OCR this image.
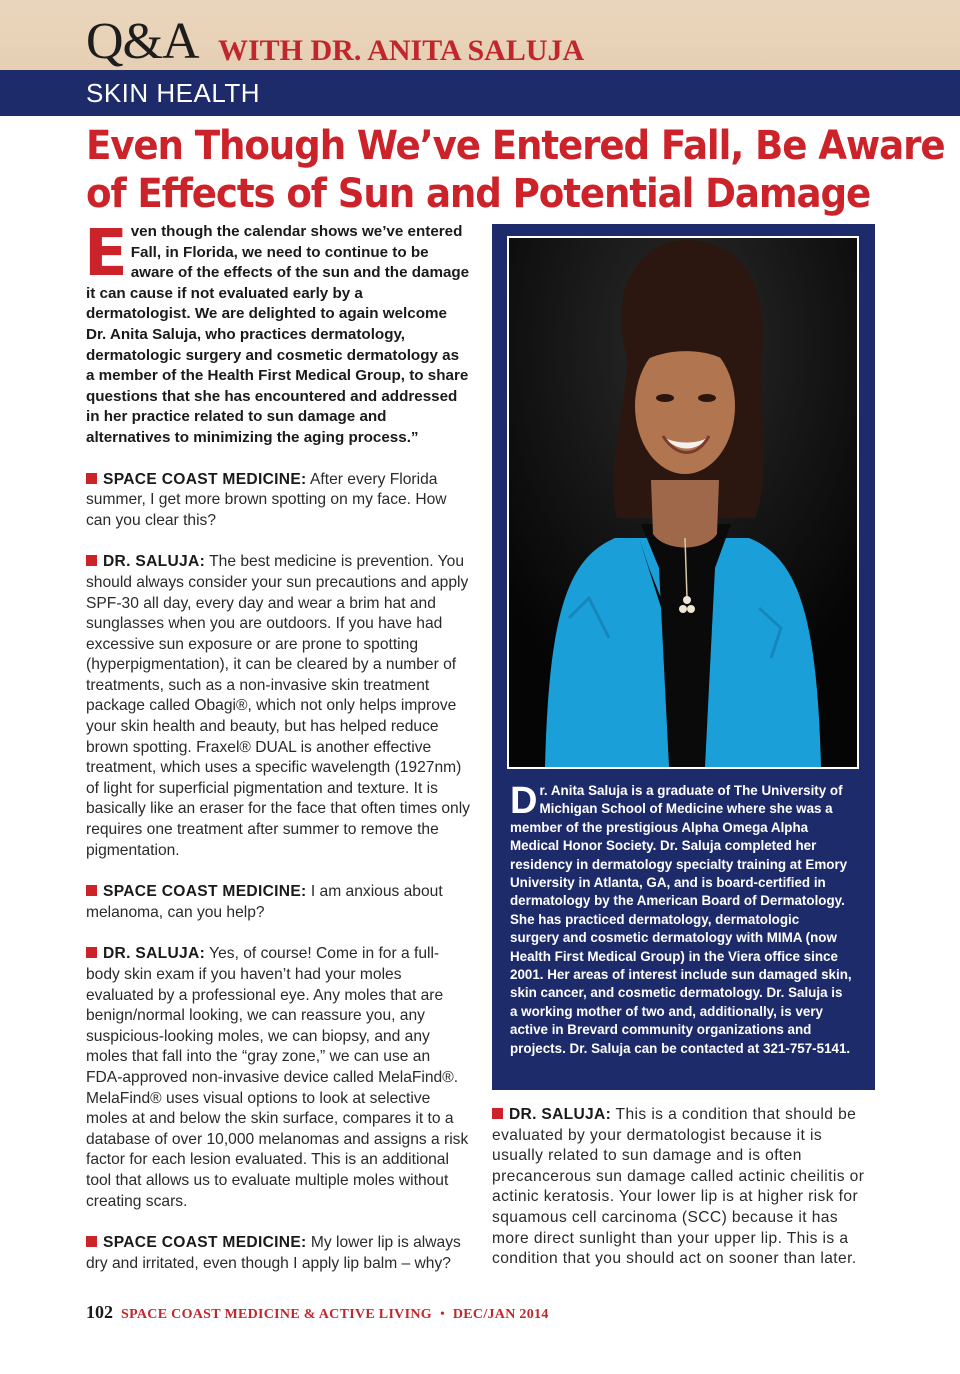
Q&A WITH DR. ANITA SALUJA
SKIN HEALTH
Even Though We’ve Entered Fall, Be Aware
of Effects of Sun and Potential Damage

Even though the calendar shows we’ve entered Fall, in Florida, we need to continue to be aware of the effects of the sun and the damage it can cause if not evaluated early by a dermatologist. We are delighted to again welcome Dr. Anita Saluja, who practices dermatology, dermatologic surgery and cosmetic dermatology as a member of the Health First Medical Group, to share questions that she has encountered and addressed in her practice related to sun damage and alternatives to minimizing the aging process.”

SPACE COAST MEDICINE: After every Florida summer, I get more brown spotting on my face. How can you clear this?

DR. SALUJA: The best medicine is prevention. You should always consider your sun precautions and apply SPF-30 all day, every day and wear a brim hat and sunglasses when you are outdoors. If you have had excessive sun exposure or are prone to spotting (hyperpigmentation), it can be cleared by a number of treatments, such as a non-invasive skin treatment package called Obagi®, which not only helps improve your skin health and beauty, but has helped reduce brown spotting. Fraxel® DUAL is another effective treatment, which uses a specific wavelength (1927nm) of light for superficial pigmentation and texture. It is basically like an eraser for the face that often times only requires one treatment after summer to remove the pigmentation.

SPACE COAST MEDICINE: I am anxious about melanoma, can you help?

DR. SALUJA: Yes, of course! Come in for a full-body skin exam if you haven’t had your moles evaluated by a professional eye. Any moles that are benign/normal looking, we can reassure you, any suspicious-looking moles, we can biopsy, and any moles that fall into the “gray zone,” we can use an FDA-approved non-invasive device called MelaFind®. MelaFind® uses visual options to look at selective moles at and below the skin surface, compares it to a database of over 10,000 melanomas and assigns a risk factor for each lesion evaluated. This is an additional tool that allows us to evaluate multiple moles without creating scars.

SPACE COAST MEDICINE: My lower lip is always dry and irritated, even though I apply lip balm – why?

Dr. Anita Saluja is a graduate of The University of Michigan School of Medicine where she was a member of the prestigious Alpha Omega Alpha Medical Honor Society. Dr. Saluja completed her residency in dermatology specialty training at Emory University in Atlanta, GA, and is board-certified in dermatology by the American Board of Dermatology. She has practiced dermatology, dermatologic surgery and cosmetic dermatology with MIMA (now Health First Medical Group) in the Viera office since 2001. Her areas of interest include sun damaged skin, skin cancer, and cosmetic dermatology. Dr. Saluja is a working mother of two and, additionally, is very active in Brevard community organizations and projects. Dr. Saluja can be contacted at 321-757-5141.

DR. SALUJA: This is a condition that should be evaluated by your dermatologist because it is usually related to sun damage and is often precancerous sun damage called actinic cheilitis or actinic keratosis. Your lower lip is at higher risk for squamous cell carcinoma (SCC) because it has more direct sunlight than your upper lip. This is a condition that you should act on sooner than later.

102 SPACE COAST MEDICINE & ACTIVE LIVING • DEC/JAN 2014
